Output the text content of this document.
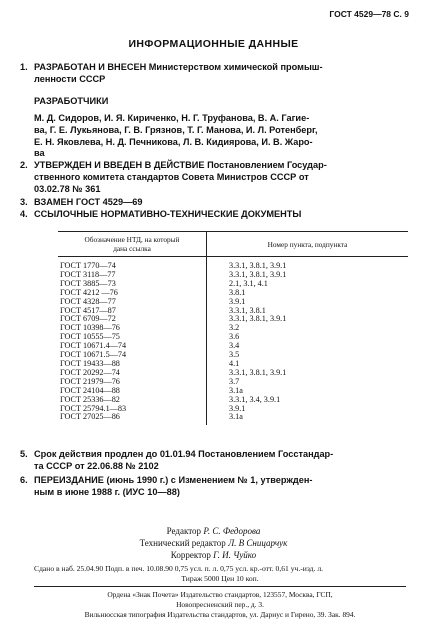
ГОСТ 4529—78 С. 9
ИНФОРМАЦИОННЫЕ ДАННЫЕ
1. РАЗРАБОТАН И ВНЕСЕН Министерством химической промыш-
ленности СССР
РАЗРАБОТЧИКИ
М. Д. Сидоров, И. Я. Кириченко, Н. Г. Труфанова, В. А. Гагие-
ва, Г. Е. Лукьянова, Г. В. Грязнов, Т. Г. Манова, И. Л. Ротенберг,
Е. Н. Яковлева, Н. Д. Печникова, Л. В. Кидиярова, И. В. Жаро-
ва
2. УТВЕРЖДЕН И ВВЕДЕН В ДЕЙСТВИЕ Постановлением Государ-
ственного комитета стандартов Совета Министров СССР от
03.02.78 № 361
3. ВЗАМЕН ГОСТ 4529—69
4. ССЫЛОЧНЫЕ НОРМАТИВНО-ТЕХНИЧЕСКИЕ ДОКУМЕНТЫ
Обозначение НТД, на который
дана ссылка	Номер пункта, подпункта
ГОСТ 1770—74	3.3.1, 3.8.1, 3.9.1
ГОСТ 3118—77	3.3.1, 3.8.1, 3.9.1
ГОСТ 3885—73	2.1, 3.1, 4.1
ГОСТ 4212 —76	3.8.1
ГОСТ 4328—77	3.9.1
ГОСТ 4517—87	3.3.1, 3.8.1
ГОСТ 6709—72	3.3.1, 3.8.1, 3.9.1
ГОСТ 10398—76	3.2
ГОСТ 10555—75	3.6
ГОСТ 10671.4—74	3.4
ГОСТ 10671.5—74	3.5
ГОСТ 19433—88	4.1
ГОСТ 20292—74	3.3.1, 3.8.1, 3.9.1
ГОСТ 21979—76	3.7
ГОСТ 24104—88	3.1a
ГОСТ 25336—82	3.3.1, 3.4, 3.9.1
ГОСТ 25794.1—83	3.9.1
ГОСТ 27025—86	3.1a
5. Срок действия продлен до 01.01.94 Постановлением Госстандар-
та СССР от 22.06.88 № 2102
6. ПЕРЕИЗДАНИЕ (июнь 1990 г.) с Изменением № 1, утвержден-
ным в июне 1988 г. (ИУС 10—88)
Редактор Р. С. Федорова
Технический редактор Л. В Сницарчук
Корректор Г. И. Чуйко
Сдано в наб. 25.04.90 Подп. в печ. 10.08.90 0,75 усл. п. л. 0,75 усл. кр.-отт. 0,61 уч.-изд. л.
Тираж 5000 Цен 10 коп.
Ордена «Знак Почета» Издательство стандартов, 123557, Москва, ГСП,
Новопресненский пер., д. 3.
Вильнюсская типография Издательства стандартов, ул. Дариус и Гирено, 39. Зак. 894.
